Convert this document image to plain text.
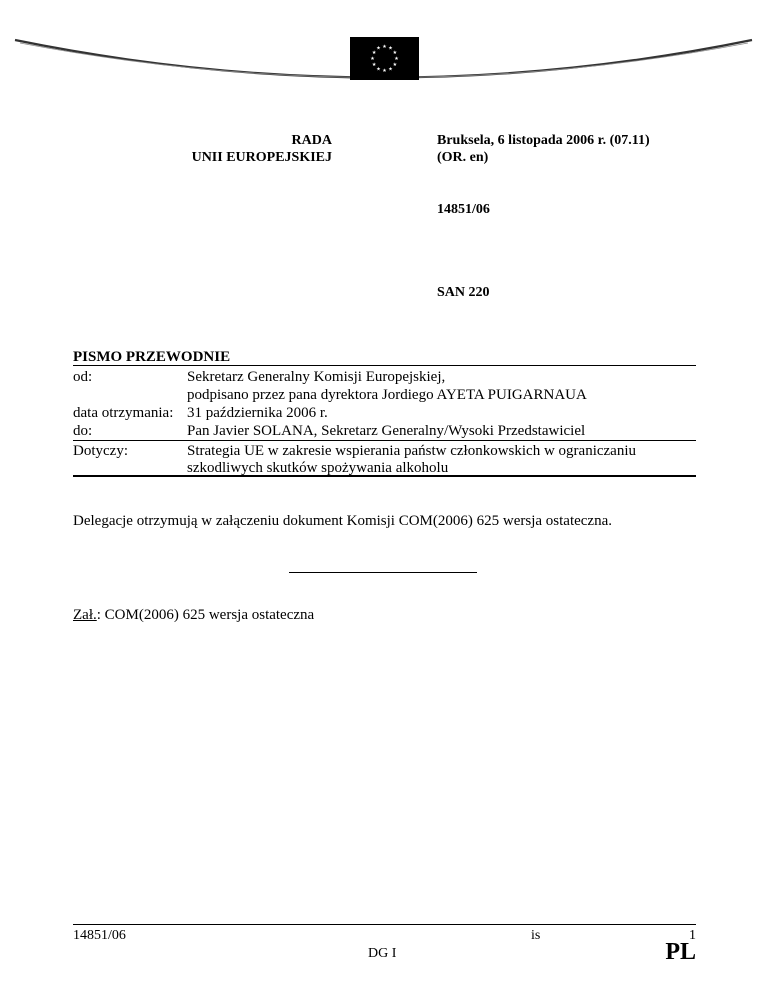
★ ★
★
★
★
★
★
★
★
★
★
★
RADA
UNII EUROPEJSKIEJ
Bruksela, 6 listopada 2006 r. (07.11)
(OR. en)
14851/06
SAN 220
PISMO PRZEWODNIE
od:	Sekretarz Generalny Komisji Europejskiej,
podpisano przez pana dyrektora Jordiego AYETA PUIGARNAUA
data otrzymania: 31 października 2006 r.
do:	Pan Javier SOLANA, Sekretarz Generalny/Wysoki Przedstawiciel
Dotyczy:	Strategia UE w zakresie wspierania państw członkowskich w ograniczaniu
szkodliwych skutków spożywania alkoholu
Delegacje otrzymują w załączeniu dokument Komisji COM(2006) 625 wersja ostateczna.
Zał.: COM(2006) 625 wersja ostateczna
14851/06	is	1
DG I	PL
